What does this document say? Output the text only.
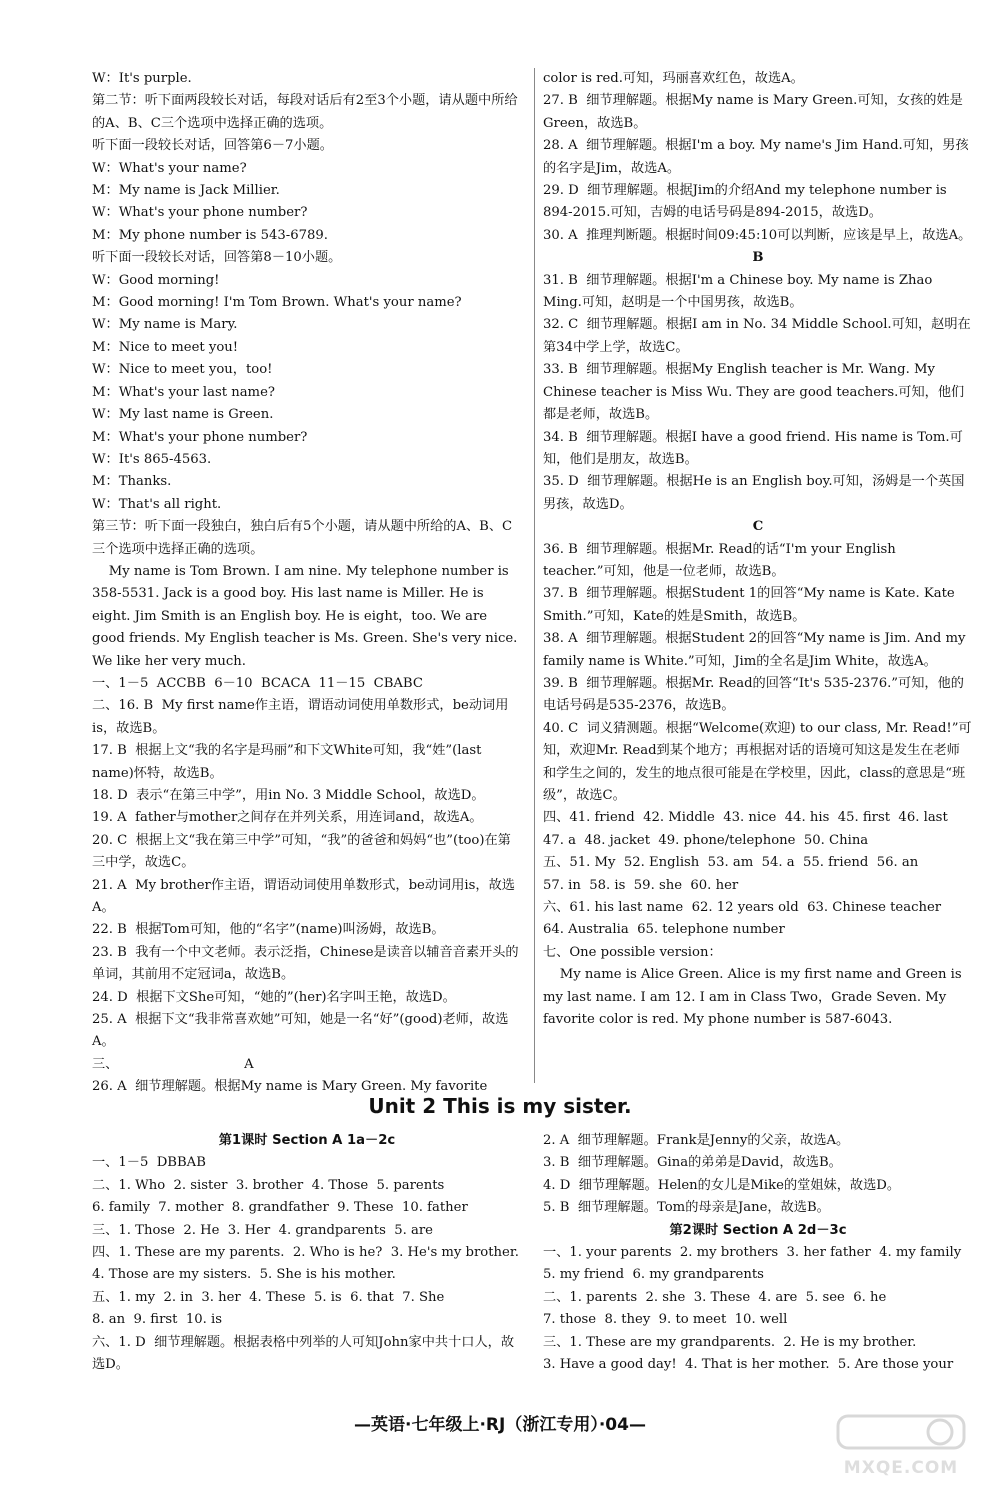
W：It's purple.
第二节：听下面两段较长对话，每段对话后有2至3个小题，请从题中所给的A、B、C三个选项中选择正确的选项。
听下面一段较长对话，回答第6－7小题。
W：What's your name?
M：My name is Jack Millier.
W：What's your phone number?
M：My phone number is 543-6789.
听下面一段较长对话，回答第8－10小题。
W：Good morning!
M：Good morning! I'm Tom Brown. What's your name?
W：My name is Mary.
M：Nice to meet you!
W：Nice to meet you，too!
M：What's your last name?
W：My last name is Green.
M：What's your phone number?
W：It's 865-4563.
M：Thanks.
W：That's all right.
第三节：听下面一段独白，独白后有5个小题，请从题中所给的A、B、C三个选项中选择正确的选项。
My name is Tom Brown. I am nine. My telephone number is 358-5531. Jack is a good boy. His last name is Miller. He is eight. Jim Smith is an English boy. He is eight，too. We are good friends. My English teacher is Ms. Green. She's very nice. We like her very much.
一、1－5  ACCBB  6－10  BCACA  11－15  CBABC
二、16. B  My first name作主语，谓语动词使用单数形式，be动词用is，故选B。
17. B  根据上文“我的名字是玛丽”和下文White可知，我“姓”(last name)怀特，故选B。
18. D  表示“在第三中学”，用in No. 3 Middle School，故选D。
19. A  father与mother之间存在并列关系，用连词and，故选A。
20. C  根据上文“我在第三中学”可知，“我”的爸爸和妈妈“也”(too)在第三中学，故选C。
21. A  My brother作主语，谓语动词使用单数形式，be动词用is，故选A。
22. B  根据Tom可知，他的“名字”(name)叫汤姆，故选B。
23. B  我有一个中文老师。表示泛指，Chinese是读音以辅音音素开头的单词，其前用不定冠词a，故选B。
24. D  根据下文She可知，“她的”(her)名字叫王艳，故选D。
25. A  根据下文“我非常喜欢她”可知，她是一名“好”(good)老师，故选A。
三、                              A
26. A  细节理解题。根据My name is Mary Green. My favorite
color is red.可知，玛丽喜欢红色，故选A。
27. B  细节理解题。根据My name is Mary Green.可知，女孩的姓是Green，故选B。
28. A  细节理解题。根据I'm a boy. My name's Jim Hand.可知，男孩的名字是Jim，故选A。
29. D  细节理解题。根据Jim的介绍And my telephone number is 894-2015.可知，吉姆的电话号码是894-2015，故选D。
30. A  推理判断题。根据时间09:45:10可以判断，应该是早上，故选A。
B
31. B  细节理解题。根据I'm a Chinese boy. My name is Zhao Ming.可知，赵明是一个中国男孩，故选B。
32. C  细节理解题。根据I am in No. 34 Middle School.可知，赵明在第34中学上学，故选C。
33. B  细节理解题。根据My English teacher is Mr. Wang. My Chinese teacher is Miss Wu. They are good teachers.可知，他们都是老师，故选B。
34. B  细节理解题。根据I have a good friend. His name is Tom.可知，他们是朋友，故选B。
35. D  细节理解题。根据He is an English boy.可知，汤姆是一个英国男孩，故选D。
C
36. B  细节理解题。根据Mr. Read的话“I'm your English teacher.”可知，他是一位老师，故选B。
37. B  细节理解题。根据Student 1的回答“My name is Kate. Kate Smith.”可知，Kate的姓是Smith，故选B。
38. A  细节理解题。根据Student 2的回答“My name is Jim. And my family name is White.”可知，Jim的全名是Jim White，故选A。
39. B  细节理解题。根据Mr. Read的回答“It's 535-2376.”可知，他的电话号码是535-2376，故选B。
40. C  词义猜测题。根据“Welcome(欢迎) to our class, Mr. Read!”可知，欢迎Mr. Read到某个地方；再根据对话的语境可知这是发生在老师和学生之间的，发生的地点很可能是在学校里，因此，class的意思是“班级”，故选C。
四、41. friend  42. Middle  43. nice  44. his  45. first  46. last
47. a  48. jacket  49. phone/telephone  50. China
五、51. My  52. English  53. am  54. a  55. friend  56. an
57. in  58. is  59. she  60. her
六、61. his last name  62. 12 years old  63. Chinese teacher
64. Australia  65. telephone number
七、One possible version：
My name is Alice Green. Alice is my first name and Green is my last name. I am 12. I am in Class Two，Grade Seven. My favorite color is red. My phone number is 587-6043.
Unit 2 This is my sister.
第1课时 Section A 1a－2c
一、1－5  DBBAB
二、1. Who  2. sister  3. brother  4. Those  5. parents
6. family  7. mother  8. grandfather  9. These  10. father
三、1. Those  2. He  3. Her  4. grandparents  5. are
四、1. These are my parents.  2. Who is he?  3. He's my brother.  4. Those are my sisters.  5. She is his mother.
五、1. my  2. in  3. her  4. These  5. is  6. that  7. She
8. an  9. first  10. is
六、1. D  细节理解题。根据表格中列举的人可知John家中共十口人，故选D。
2. A  细节理解题。Frank是Jenny的父亲，故选A。
3. B  细节理解题。Gina的弟弟是David，故选B。
4. D  细节理解题。Helen的女儿是Mike的堂姐妹，故选D。
5. B  细节理解题。Tom的母亲是Jane，故选B。
第2课时 Section A 2d－3c
一、1. your parents  2. my brothers  3. her father  4. my family
5. my friend  6. my grandparents
二、1. parents  2. she  3. These  4. are  5. see  6. he
7. those  8. they  9. to meet  10. well
三、1. These are my grandparents.  2. He is my brother.
3. Have a good day!  4. That is her mother.  5. Are those your
—英语·七年级上·RJ（浙江专用）·04—
MXQE.COM
